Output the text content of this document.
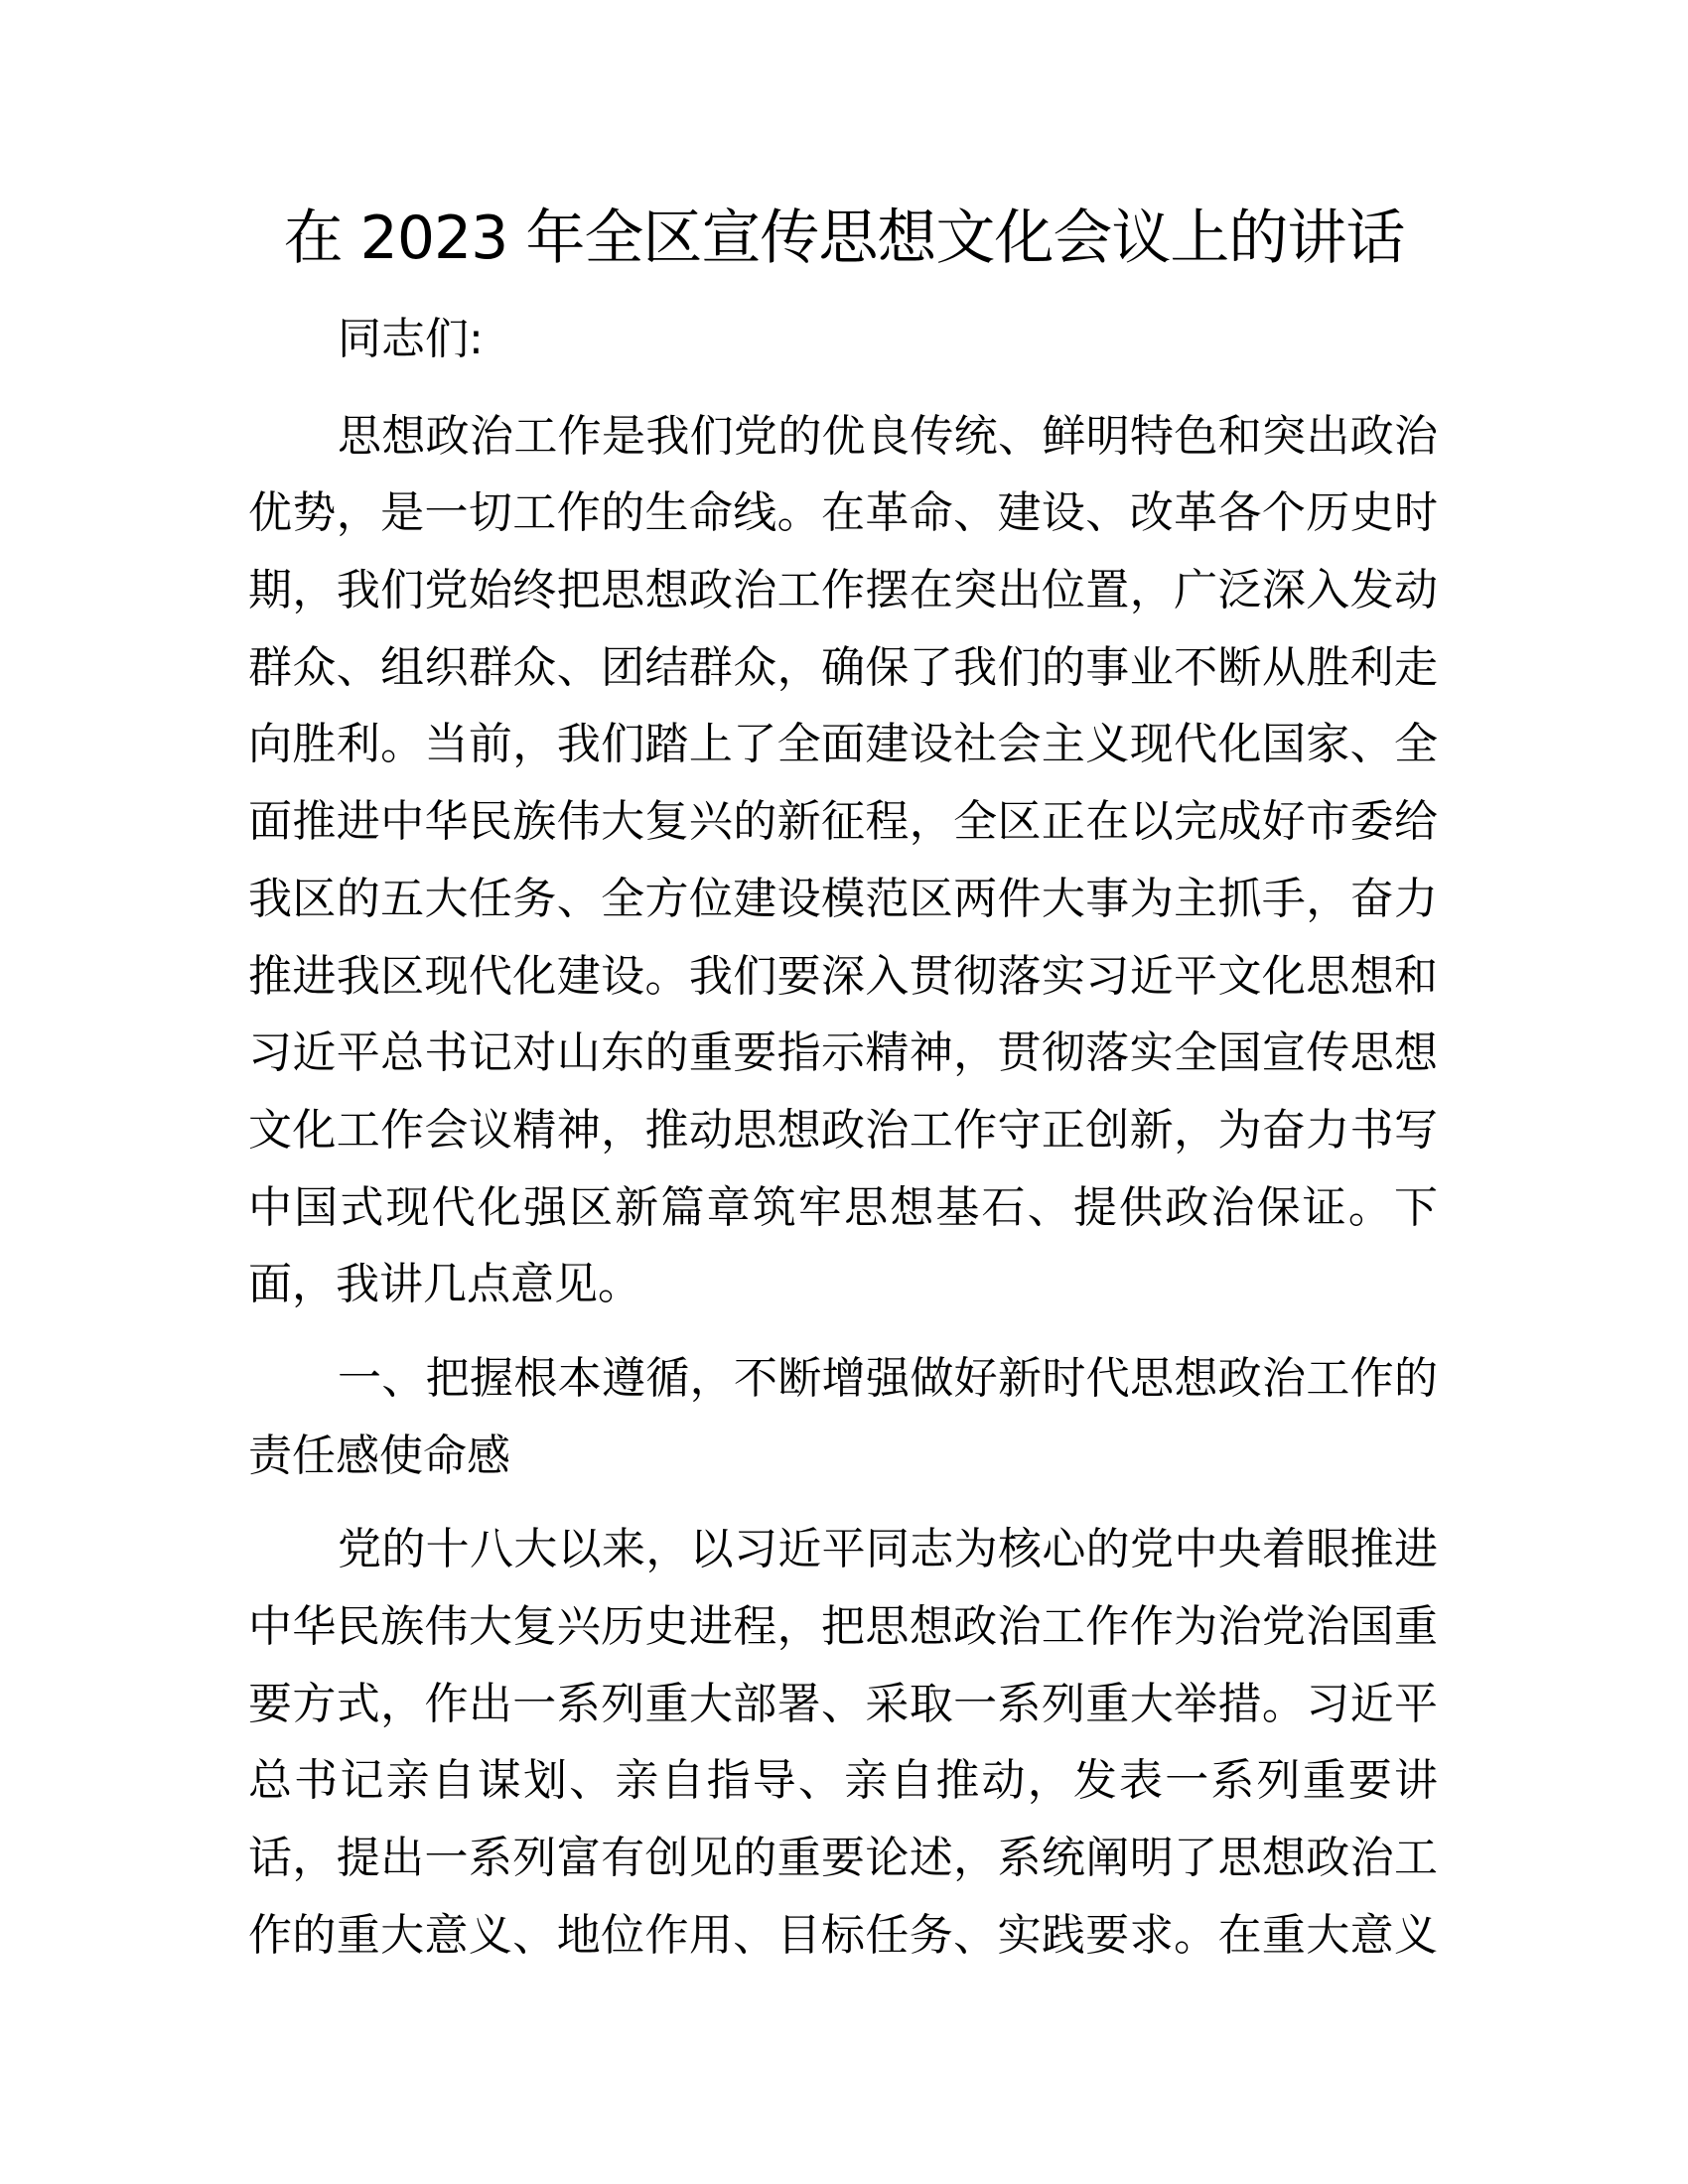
在 2023 年全区宣传思想文化会议上的讲话

同志们:

思想政治工作是我们党的优良传统、鲜明特色和突出政治
优势，是一切工作的生命线。在革命、建设、改革各个历史时
期，我们党始终把思想政治工作摆在突出位置，广泛深入发动
群众、组织群众、团结群众，确保了我们的事业不断从胜利走
向胜利。当前，我们踏上了全面建设社会主义现代化国家、全
面推进中华民族伟大复兴的新征程，全区正在以完成好市委给
我区的五大任务、全方位建设模范区两件大事为主抓手，奋力
推进我区现代化建设。我们要深入贯彻落实习近平文化思想和
习近平总书记对山东的重要指示精神，贯彻落实全国宣传思想
文化工作会议精神，推动思想政治工作守正创新，为奋力书写
中国式现代化强区新篇章筑牢思想基石、提供政治保证。下
面，我讲几点意见。

一、把握根本遵循，不断增强做好新时代思想政治工作的
责任感使命感

党的十八大以来，以习近平同志为核心的党中央着眼推进
中华民族伟大复兴历史进程，把思想政治工作作为治党治国重
要方式，作出一系列重大部署、采取一系列重大举措。习近平
总书记亲自谋划、亲自指导、亲自推动，发表一系列重要讲
话，提出一系列富有创见的重要论述，系统阐明了思想政治工
作的重大意义、地位作用、目标任务、实践要求。在重大意义
